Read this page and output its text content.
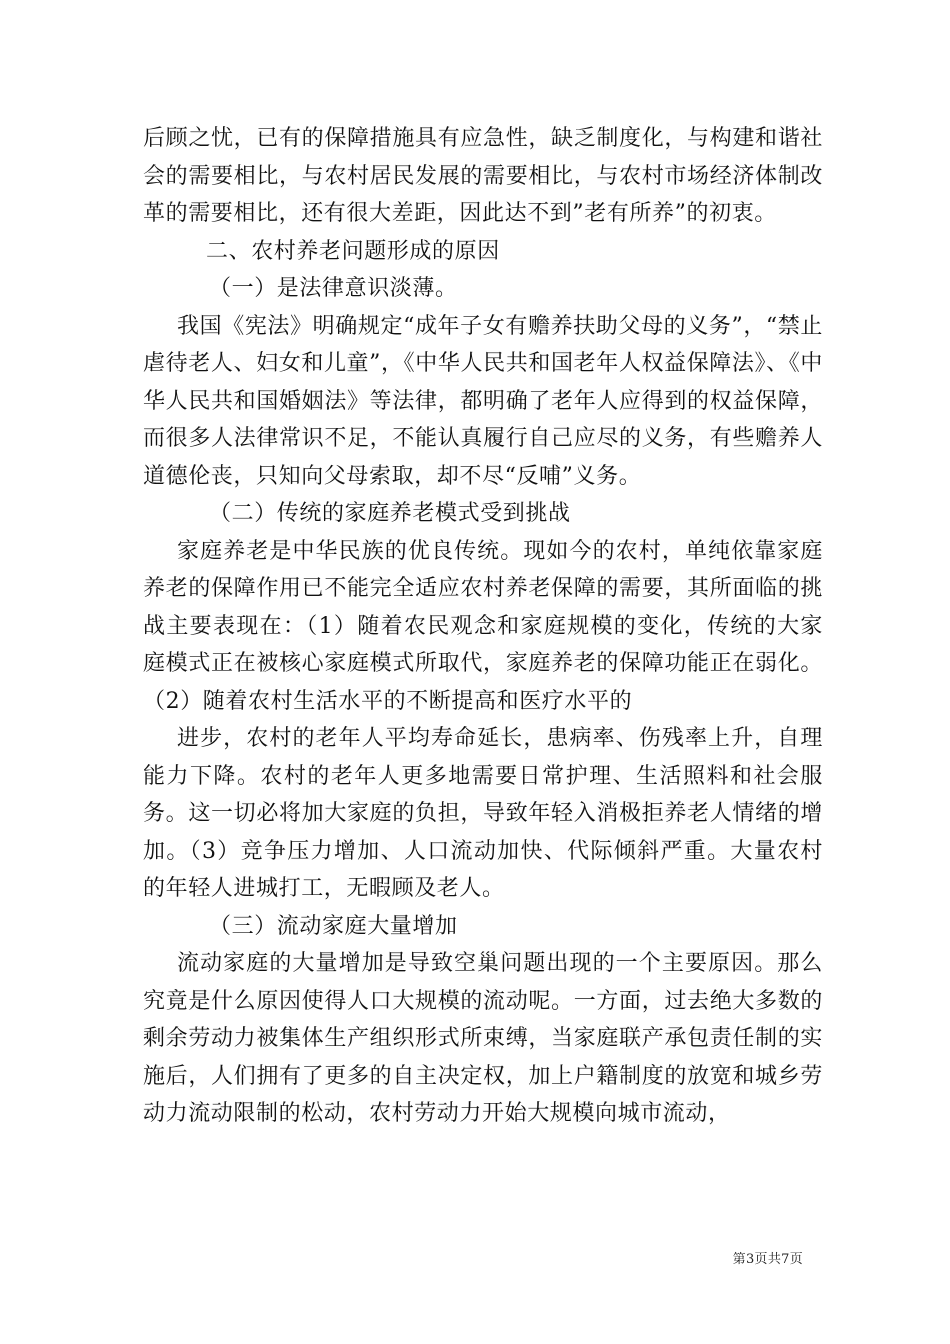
后顾之忧，已有的保障措施具有应急性，缺乏制度化，与构建和谐社会的需要相比，与农村居民发展的需要相比，与农村市场经济体制改革的需要相比，还有很大差距，因此达不到”老有所养”的初衷。

二、农村养老问题形成的原因

（一）是法律意识淡薄。

我国《宪法》明确规定“成年子女有赡养扶助父母的义务”，“禁止虐待老人、妇女和儿童”，《中华人民共和国老年人权益保障法》、《中华人民共和国婚姻法》等法律，都明确了老年人应得到的权益保障，而很多人法律常识不足，不能认真履行自己应尽的义务，有些赡养人道德伦丧，只知向父母索取，却不尽“反哺”义务。

（二）传统的家庭养老模式受到挑战

家庭养老是中华民族的优良传统。现如今的农村，单纯依靠家庭养老的保障作用已不能完全适应农村养老保障的需要，其所面临的挑战主要表现在：（1）随着农民观念和家庭规模的变化，传统的大家庭模式正在被核心家庭模式所取代，家庭养老的保障功能正在弱化。（2）随着农村生活水平的不断提高和医疗水平的

进步，农村的老年人平均寿命延长，患病率、伤残率上升，自理能力下降。农村的老年人更多地需要日常护理、生活照料和社会服务。这一切必将加大家庭的负担，导致年轻入消极拒养老人情绪的增加。（3）竞争压力增加、人口流动加快、代际倾斜严重。大量农村的年轻人进城打工，无暇顾及老人。

（三）流动家庭大量增加

流动家庭的大量增加是导致空巢问题出现的一个主要原因。那么究竟是什么原因使得人口大规模的流动呢。一方面，过去绝大多数的剩余劳动力被集体生产组织形式所束缚，当家庭联产承包责任制的实施后，人们拥有了更多的自主决定权，加上户籍制度的放宽和城乡劳动力流动限制的松动，农村劳动力开始大规模向城市流动，

第3页共7页
